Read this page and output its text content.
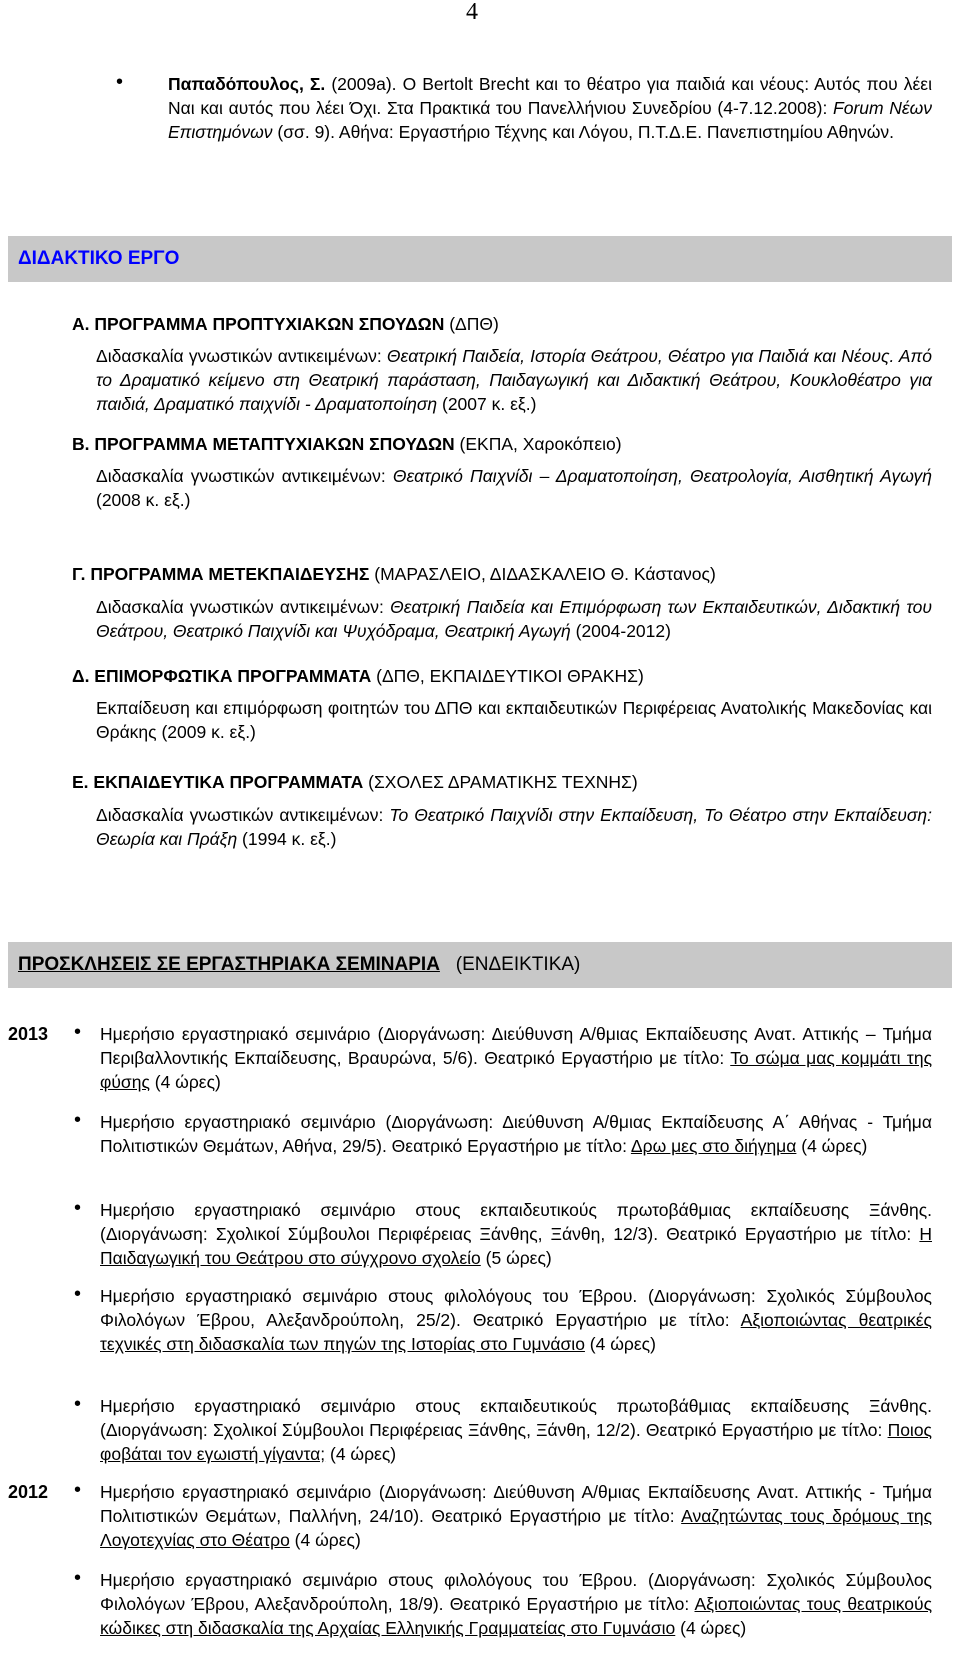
4
•	Παπαδόπουλος, Σ. (2009a). Ο Bertolt Brecht και το θέατρο για παιδιά και νέους: Αυτός που λέει Ναι και αυτός που λέει Όχι. Στα Πρακτικά του Πανελλήνιου Συνεδρίου (4-7.12.2008): Forum Νέων Επιστημόνων (σσ. 9). Αθήνα: Εργαστήριο Τέχνης και Λόγου, Π.Τ.Δ.Ε. Πανεπιστημίου Αθηνών.
ΔΙΔΑΚΤΙΚΟ ΕΡΓΟ
Α. ΠΡΟΓΡΑΜΜΑ ΠΡΟΠΤΥΧΙΑΚΩΝ ΣΠΟΥΔΩΝ (ΔΠΘ)
Διδασκαλία γνωστικών αντικειμένων: Θεατρική Παιδεία, Ιστορία Θεάτρου, Θέατρο για Παιδιά και Νέους. Από το Δραματικό κείμενο στη Θεατρική παράσταση, Παιδαγωγική και Διδακτική Θεάτρου, Κουκλοθέατρο για παιδιά, Δραματικό παιχνίδι - Δραματοποίηση (2007 κ. εξ.)
Β. ΠΡΟΓΡΑΜΜΑ ΜΕΤΑΠΤΥΧΙΑΚΩΝ ΣΠΟΥΔΩΝ (ΕΚΠΑ, Χαροκόπειο)
Διδασκαλία γνωστικών αντικειμένων: Θεατρικό Παιχνίδι – Δραματοποίηση, Θεατρολογία, Αισθητική Αγωγή (2008 κ. εξ.)
Γ. ΠΡΟΓΡΑΜΜΑ ΜΕΤΕΚΠΑΙΔΕΥΣΗΣ (ΜΑΡΑΣΛΕΙΟ, ΔΙΔΑΣΚΑΛΕΙΟ Θ. Κάστανος)
Διδασκαλία γνωστικών αντικειμένων: Θεατρική Παιδεία και Επιμόρφωση των Εκπαιδευτικών, Διδακτική του Θεάτρου, Θεατρικό Παιχνίδι και Ψυχόδραμα, Θεατρική Αγωγή (2004-2012)
Δ. ΕΠΙΜΟΡΦΩΤΙΚΑ ΠΡΟΓΡΑΜΜΑΤΑ (ΔΠΘ, ΕΚΠΑΙΔΕΥΤΙΚΟΙ ΘΡΑΚΗΣ)
Εκπαίδευση και επιμόρφωση φοιτητών του ΔΠΘ και εκπαιδευτικών Περιφέρειας Ανατολικής Μακεδονίας και Θράκης (2009 κ. εξ.)
Ε. ΕΚΠΑΙΔΕΥΤΙΚΑ ΠΡΟΓΡΑΜΜΑΤΑ (ΣΧΟΛΕΣ ΔΡΑΜΑΤΙΚΗΣ ΤΕΧΝΗΣ)
Διδασκαλία γνωστικών αντικειμένων: Το Θεατρικό Παιχνίδι στην Εκπαίδευση, Το Θέατρο στην Εκπαίδευση: Θεωρία και Πράξη (1994 κ. εξ.)
ΠΡΟΣΚΛΗΣΕΙΣ ΣΕ ΕΡΓΑΣΤΗΡΙΑΚΑ ΣΕΜΙΝΑΡΙΑ (ΕΝΔΕΙΚΤΙΚΑ)
2013 • Ημερήσιο εργαστηριακό σεμινάριο (Διοργάνωση: Διεύθυνση Α/θμιας Εκπαίδευσης Ανατ. Αττικής – Τμήμα Περιβαλλοντικής Εκπαίδευσης, Βραυρώνα, 5/6). Θεατρικό Εργαστήριο με τίτλο: Το σώμα μας κομμάτι της φύσης (4 ώρες)
• Ημερήσιο εργαστηριακό σεμινάριο (Διοργάνωση: Διεύθυνση Α/θμιας Εκπαίδευσης Α΄ Αθήνας - Τμήμα Πολιτιστικών Θεμάτων, Αθήνα, 29/5). Θεατρικό Εργαστήριο με τίτλο: Δρω μες στο διήγημα (4 ώρες)
• Ημερήσιο εργαστηριακό σεμινάριο στους εκπαιδευτικούς πρωτοβάθμιας εκπαίδευσης Ξάνθης. (Διοργάνωση: Σχολικοί Σύμβουλοι Περιφέρειας Ξάνθης, Ξάνθη, 12/3). Θεατρικό Εργαστήριο με τίτλο: Η Παιδαγωγική του Θεάτρου στο σύγχρονο σχολείο (5 ώρες)
• Ημερήσιο εργαστηριακό σεμινάριο στους φιλολόγους του Έβρου. (Διοργάνωση: Σχολικός Σύμβουλος Φιλολόγων Έβρου, Αλεξανδρούπολη, 25/2). Θεατρικό Εργαστήριο με τίτλο: Αξιοποιώντας θεατρικές τεχνικές στη διδασκαλία των πηγών της Ιστορίας στο Γυμνάσιο (4 ώρες)
• Ημερήσιο εργαστηριακό σεμινάριο στους εκπαιδευτικούς πρωτοβάθμιας εκπαίδευσης Ξάνθης. (Διοργάνωση: Σχολικοί Σύμβουλοι Περιφέρειας Ξάνθης, Ξάνθη, 12/2). Θεατρικό Εργαστήριο με τίτλο: Ποιος φοβάται τον εγωιστή γίγαντα; (4 ώρες)
2012 • Ημερήσιο εργαστηριακό σεμινάριο (Διοργάνωση: Διεύθυνση Α/θμιας Εκπαίδευσης Ανατ. Αττικής - Τμήμα Πολιτιστικών Θεμάτων, Παλλήνη, 24/10). Θεατρικό Εργαστήριο με τίτλο: Αναζητώντας τους δρόμους της Λογοτεχνίας στο Θέατρο (4 ώρες)
• Ημερήσιο εργαστηριακό σεμινάριο στους φιλολόγους του Έβρου. (Διοργάνωση: Σχολικός Σύμβουλος Φιλολόγων Έβρου, Αλεξανδρούπολη, 18/9). Θεατρικό Εργαστήριο με τίτλο: Αξιοποιώντας τους θεατρικούς κώδικες στη διδασκαλία της Αρχαίας Ελληνικής Γραμματείας στο Γυμνάσιο (4 ώρες)
